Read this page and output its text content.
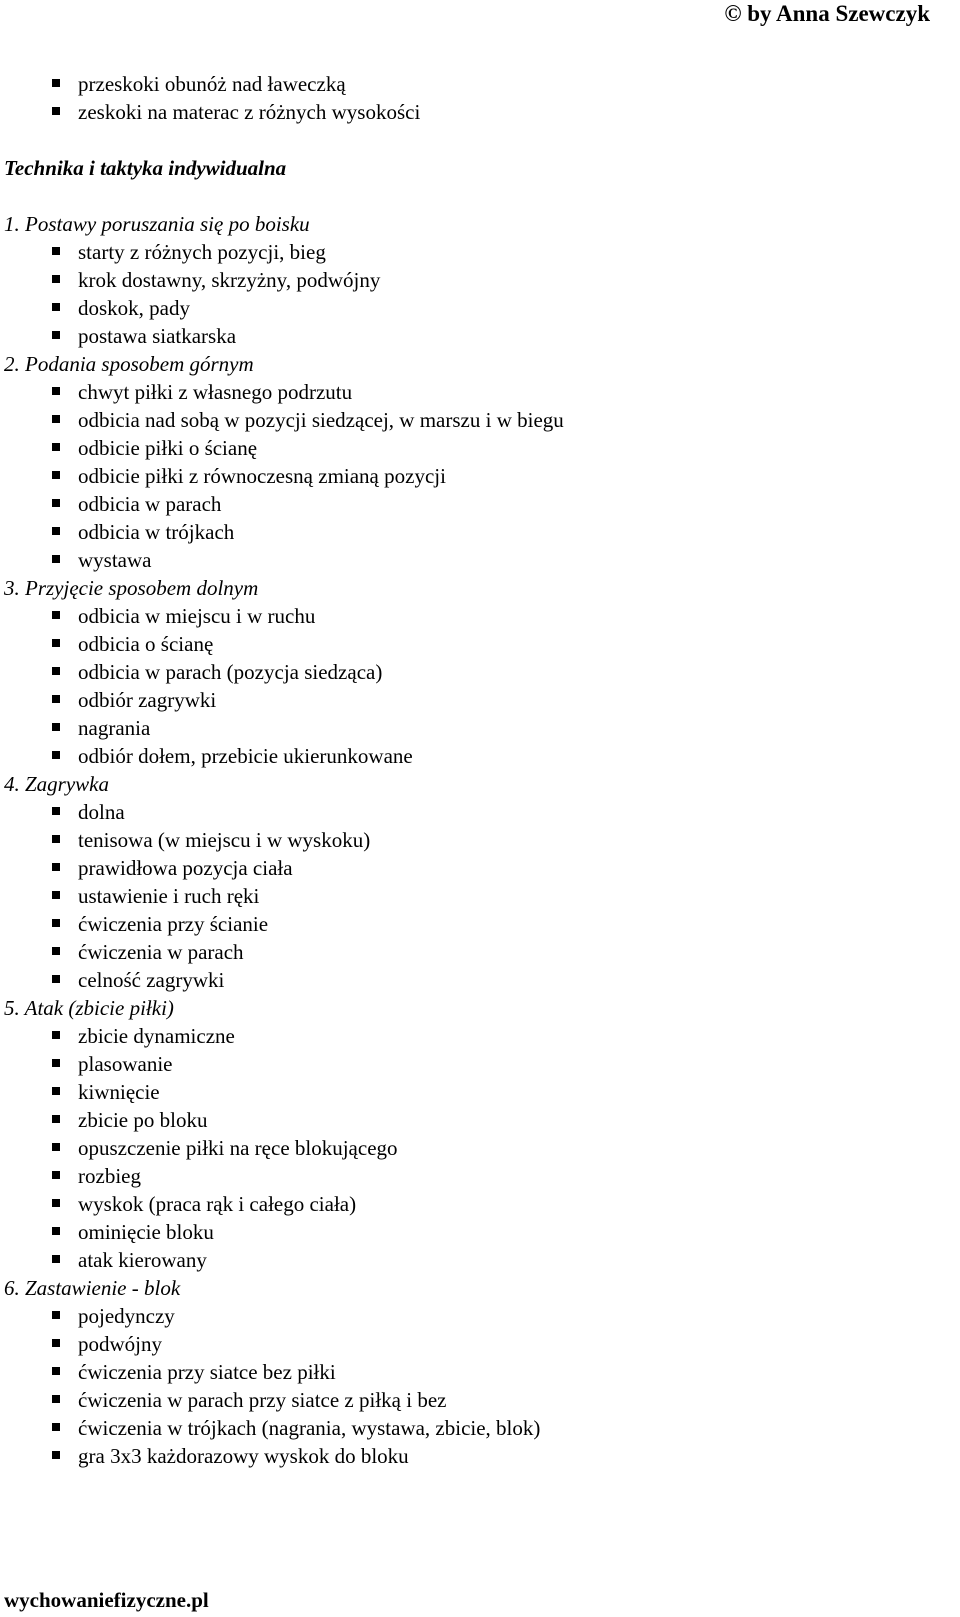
© by Anna Szewczyk
przeskoki obunóż nad ławeczką
zeskoki na materac z różnych wysokości
Technika i taktyka indywidualna
1. Postawy poruszania się po boisku
starty z różnych pozycji, bieg
krok dostawny, skrzyżny, podwójny
doskok, pady
postawa siatkarska
2. Podania sposobem górnym
chwyt piłki z własnego podrzutu
odbicia nad sobą w pozycji siedzącej, w marszu i w biegu
odbicie piłki o ścianę
odbicie piłki z równoczesną zmianą pozycji
odbicia w parach
odbicia w trójkach
wystawa
3. Przyjęcie sposobem dolnym
odbicia w miejscu i w ruchu
odbicia o ścianę
odbicia w parach (pozycja siedząca)
odbiór zagrywki
nagrania
odbiór dołem, przebicie ukierunkowane
4. Zagrywka
dolna
tenisowa (w miejscu i w wyskoku)
prawidłowa pozycja ciała
ustawienie i ruch ręki
ćwiczenia przy ścianie
ćwiczenia w parach
celność zagrywki
5. Atak (zbicie piłki)
zbicie dynamiczne
plasowanie
kiwnięcie
zbicie po bloku
opuszczenie piłki na ręce blokującego
rozbieg
wyskok (praca rąk i całego ciała)
ominięcie bloku
atak kierowany
6. Zastawienie - blok
pojedynczy
podwójny
ćwiczenia przy siatce bez piłki
ćwiczenia w parach przy siatce z piłką i bez
ćwiczenia w trójkach (nagrania, wystawa, zbicie, blok)
gra 3x3 każdorazowy wyskok do bloku
wychowaniefizyczne.pl
